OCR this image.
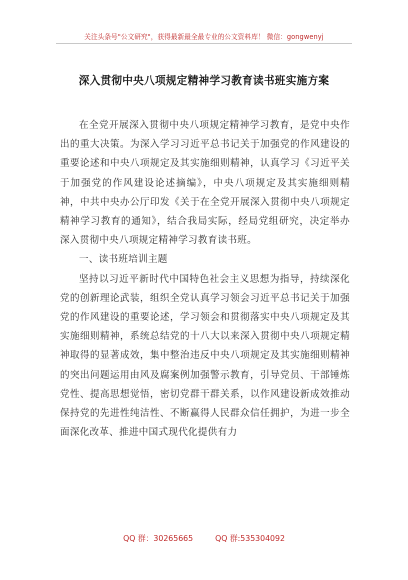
关注头条号"公文研究"，获得最新最全最专业的公文资料库！ 微信：gongwenyj
深入贯彻中央八项规定精神学习教育读书班实施方案

在全党开展深入贯彻中央八项规定精神学习教育，是党中央作出的重大决策。为深入学习习近平总书记关于加强党的作风建设的重要论述和中央八项规定及其实施细则精神，认真学习《习近平关于加强党的作风建设论述摘编》，中央八项规定及其实施细则精神，中共中央办公厅印发《关于在全党开展深入贯彻中央八项规定精神学习教育的通知》，结合我局实际，经局党组研究，决定举办深入贯彻中央八项规定精神学习教育读书班。

一、读书班培训主题

坚持以习近平新时代中国特色社会主义思想为指导，持续深化党的创新理论武装，组织全党认真学习领会习近平总书记关于加强党的作风建设的重要论述，学习领会和贯彻落实中央八项规定及其实施细则精神，系统总结党的十八大以来深入贯彻中央八项规定精神取得的显著成效，集中整治违反中央八项规定及其实施细则精神的突出问题运用由风及腐案例加强警示教育，引导党员、干部锤炼党性、提高思想觉悟，密切党群干群关系，以作风建设新成效推动保持党的先进性纯洁性、不断赢得人民群众信任拥护，为进一步全面深化改革、推进中国式现代化提供有力

QQ 群：30265665	QQ 群:535304092
